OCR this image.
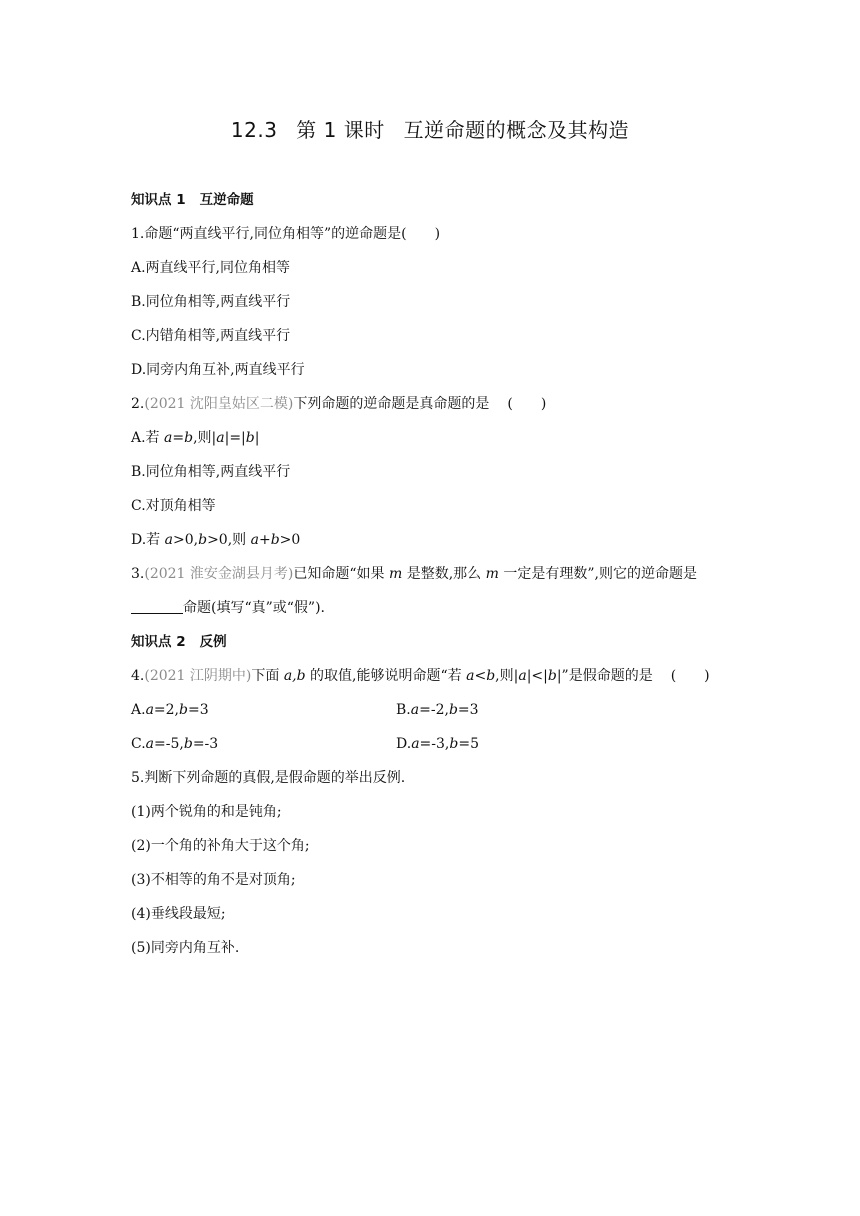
12.3 第 1 课时 互逆命题的概念及其构造
知识点 1 互逆命题
1.命题“两直线平行,同位角相等”的逆命题是(　　)
A.两直线平行,同位角相等
B.同位角相等,两直线平行
C.内错角相等,两直线平行
D.同旁内角互补,两直线平行
2.(2021 沈阳皇姑区二模)下列命题的逆命题是真命题的是 (　　)
A.若 a=b,则|a|=|b|
B.同位角相等,两直线平行
C.对顶角相等
D.若 a>0,b>0,则 a+b>0
3.(2021 淮安金湖县月考)已知命题“如果 m 是整数,那么 m 一定是有理数”,则它的逆命题是
命题(填写“真”或“假”).
知识点 2 反例
4.(2021 江阴期中)下面 a,b 的取值,能够说明命题“若 a<b,则|a|<|b|”是假命题的是 (　　)
A.a=2,b=3	B.a=-2,b=3
C.a=-5,b=-3	D.a=-3,b=5
5.判断下列命题的真假,是假命题的举出反例.
(1)两个锐角的和是钝角;
(2)一个角的补角大于这个角;
(3)不相等的角不是对顶角;
(4)垂线段最短;
(5)同旁内角互补.
